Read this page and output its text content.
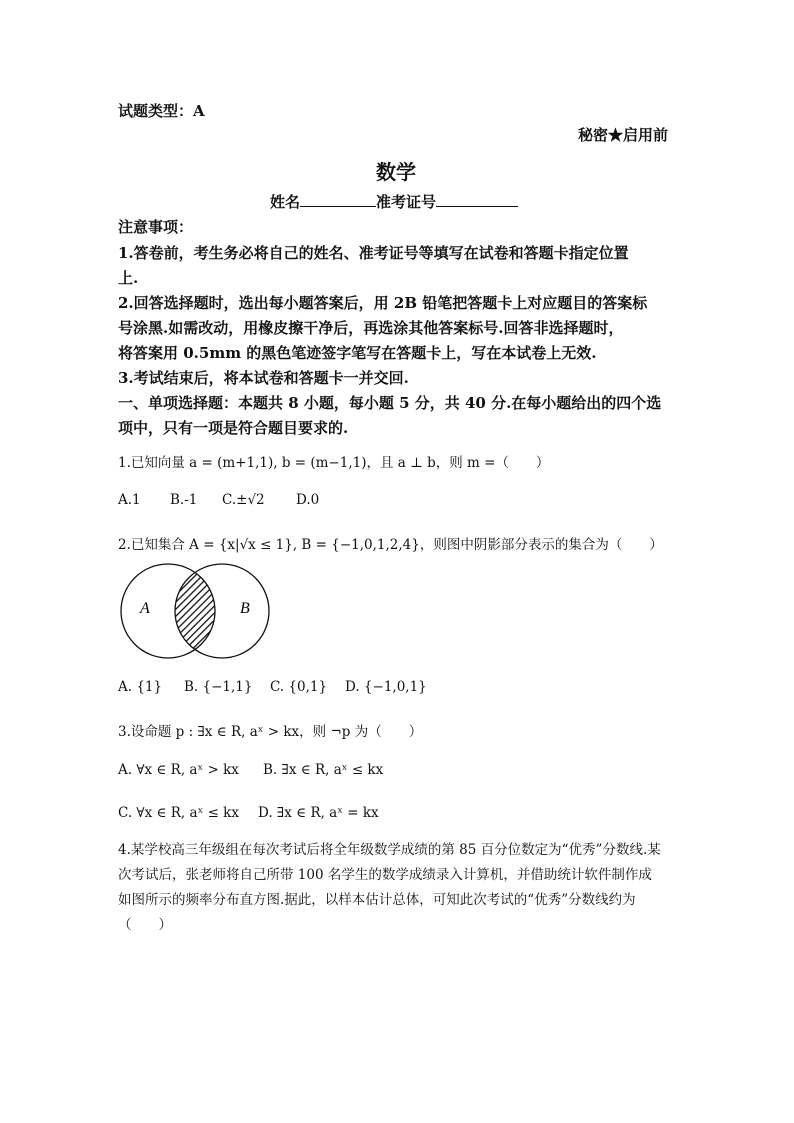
试题类型：A
秘密★启用前
数学
姓名	准考证号
注意事项：
1.答卷前，考生务必将自己的姓名、准考证号等填写在试卷和答题卡指定位置
上.
2.回答选择题时，选出每小题答案后，用 2B 铅笔把答题卡上对应题目的答案标
号涂黑.如需改动，用橡皮擦干净后，再选涂其他答案标号.回答非选择题时，
将答案用 0.5mm 的黑色笔迹签字笔写在答题卡上，写在本试卷上无效.
3.考试结束后，将本试卷和答题卡一并交回.
一、单项选择题：本题共 8 小题，每小题 5 分，共 40 分.在每小题给出的四个选
项中，只有一项是符合题目要求的.
1.已知向量 a = (m+1,1), b = (m−1,1)，且 a ⊥ b，则 m =（　　）
A.1 B.-1 C.±√2 D.0
2.已知集合 A = {x|√x ≤ 1}, B = {−1,0,1,2,4}，则图中阴影部分表示的集合为（　　）
A	B
A. {1} B. {−1,1} C. {0,1} D. {−1,0,1}
3.设命题 p : ∃x ∈ R, aˣ > kx，则 ¬p 为（　　）
A. ∀x ∈ R, aˣ > kx B. ∃x ∈ R, aˣ ≤ kx
C. ∀x ∈ R, aˣ ≤ kx D. ∃x ∈ R, aˣ = kx
4.某学校高三年级组在每次考试后将全年级数学成绩的第 85 百分位数定为“优秀”分数线.某
次考试后，张老师将自己所带 100 名学生的数学成绩录入计算机，并借助统计软件制作成
如图所示的频率分布直方图.据此，以样本估计总体，可知此次考试的“优秀”分数线约为
（　　）
